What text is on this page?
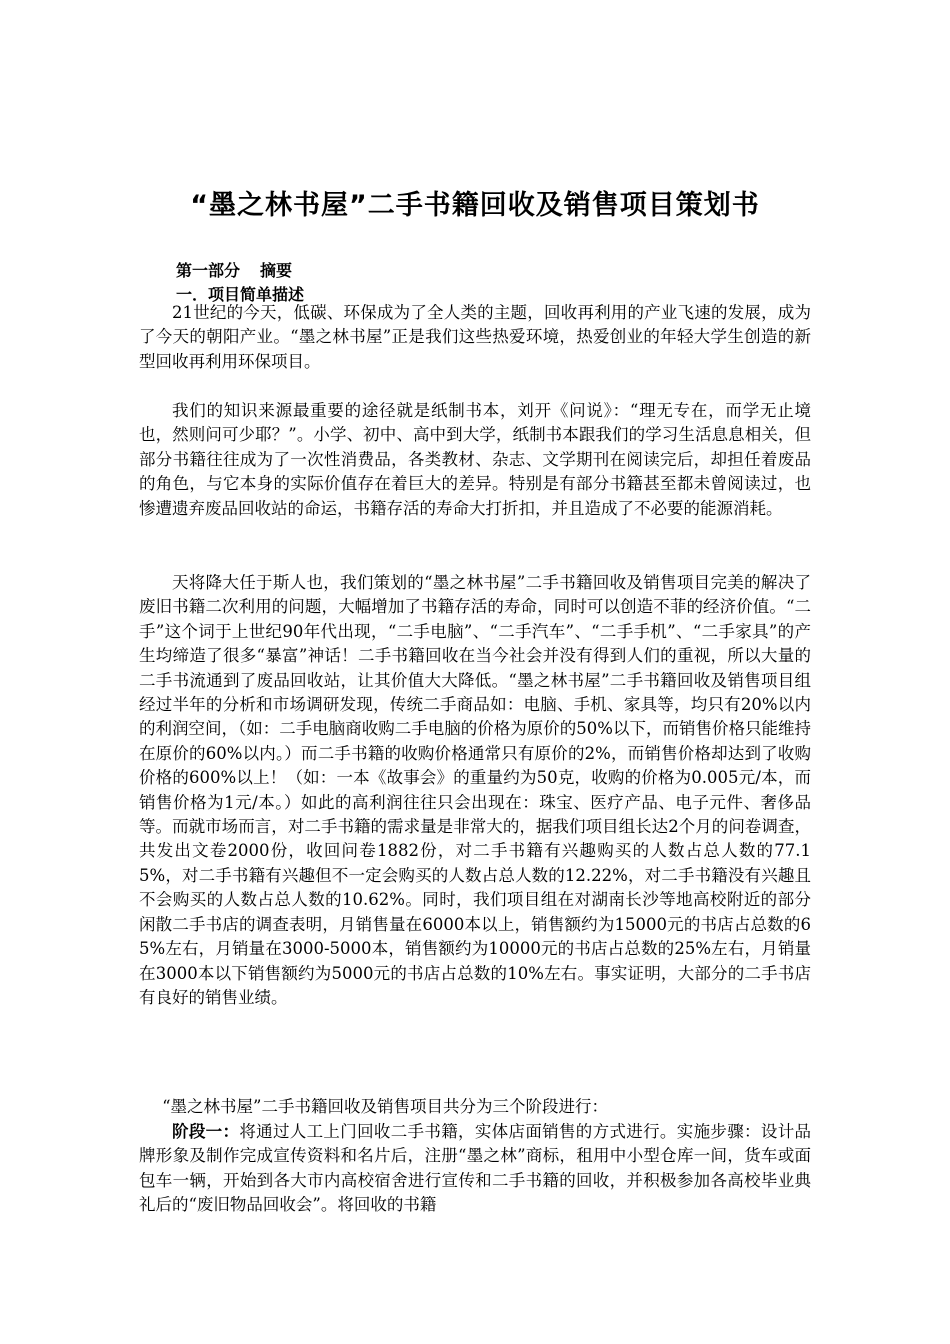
“墨之林书屋”二手书籍回收及销售项目策划书

第一部分 摘要

一．项目简单描述

21世纪的今天，低碳、环保成为了全人类的主题，回收再利用的产业飞速的发展，成为了今天的朝阳产业。“墨之林书屋”正是我们这些热爱环境，热爱创业的年轻大学生创造的新型回收再利用环保项目。

我们的知识来源最重要的途径就是纸制书本，刘开《问说》：“理无专在，而学无止境也，然则问可少耶？”。小学、初中、高中到大学，纸制书本跟我们的学习生活息息相关，但部分书籍往往成为了一次性消费品，各类教材、杂志、文学期刊在阅读完后，却担任着废品的角色，与它本身的实际价值存在着巨大的差异。特别是有部分书籍甚至都未曾阅读过，也惨遭遗弃废品回收站的命运，书籍存活的寿命大打折扣，并且造成了不必要的能源消耗。

天将降大任于斯人也，我们策划的“墨之林书屋”二手书籍回收及销售项目完美的解决了废旧书籍二次利用的问题，大幅增加了书籍存活的寿命，同时可以创造不菲的经济价值。“二手”这个词于上世纪90年代出现，“二手电脑”、“二手汽车”、“二手手机”、“二手家具”的产生均缔造了很多“暴富”神话！二手书籍回收在当今社会并没有得到人们的重视，所以大量的二手书流通到了废品回收站，让其价值大大降低。“墨之林书屋”二手书籍回收及销售项目组经过半年的分析和市场调研发现，传统二手商品如：电脑、手机、家具等，均只有20%以内的利润空间，（如：二手电脑商收购二手电脑的价格为原价的50%以下，而销售价格只能维持在原价的60%以内。）而二手书籍的收购价格通常只有原价的2%，而销售价格却达到了收购价格的600%以上！（如：一本《故事会》的重量约为50克，收购的价格为0.005元/本，而销售价格为1元/本。）如此的高利润往往只会出现在：珠宝、医疗产品、电子元件、奢侈品等。而就市场而言，对二手书籍的需求量是非常大的，据我们项目组长达2个月的问卷调查，共发出文卷2000份，收回问卷1882份，对二手书籍有兴趣购买的人数占总人数的77.15%，对二手书籍有兴趣但不一定会购买的人数占总人数的12.22%，对二手书籍没有兴趣且不会购买的人数占总人数的10.62%。同时，我们项目组在对湖南长沙等地高校附近的部分闲散二手书店的调查表明，月销售量在6000本以上，销售额约为15000元的书店占总数的65%左右，月销量在3000-5000本，销售额约为10000元的书店占总数的25%左右，月销量在3000本以下销售额约为5000元的书店占总数的10%左右。事实证明，大部分的二手书店有良好的销售业绩。

“墨之林书屋”二手书籍回收及销售项目共分为三个阶段进行：

阶段一：将通过人工上门回收二手书籍，实体店面销售的方式进行。实施步骤：设计品牌形象及制作完成宣传资料和名片后，注册“墨之林”商标，租用中小型仓库一间，货车或面包车一辆，开始到各大市内高校宿舍进行宣传和二手书籍的回收，并积极参加各高校毕业典礼后的“废旧物品回收会”。将回收的书籍
